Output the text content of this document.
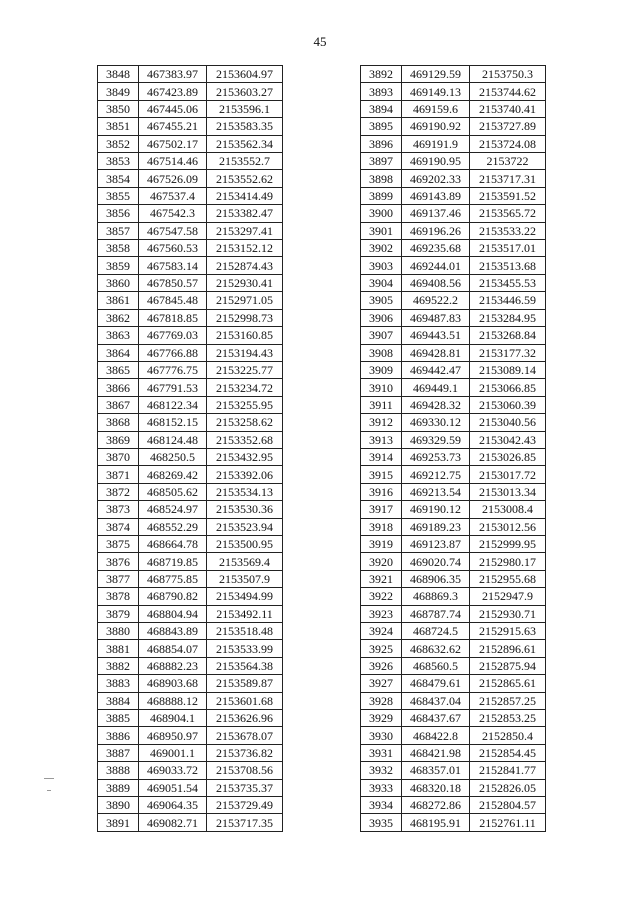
45
3848	467383.97	2153604.97
3849	467423.89	2153603.27
3850	467445.06	2153596.1
3851	467455.21	2153583.35
3852	467502.17	2153562.34
3853	467514.46	2153552.7
3854	467526.09	2153552.62
3855	467537.4	2153414.49
3856	467542.3	2153382.47
3857	467547.58	2153297.41
3858	467560.53	2153152.12
3859	467583.14	2152874.43
3860	467850.57	2152930.41
3861	467845.48	2152971.05
3862	467818.85	2152998.73
3863	467769.03	2153160.85
3864	467766.88	2153194.43
3865	467776.75	2153225.77
3866	467791.53	2153234.72
3867	468122.34	2153255.95
3868	468152.15	2153258.62
3869	468124.48	2153352.68
3870	468250.5	2153432.95
3871	468269.42	2153392.06
3872	468505.62	2153534.13
3873	468524.97	2153530.36
3874	468552.29	2153523.94
3875	468664.78	2153500.95
3876	468719.85	2153569.4
3877	468775.85	2153507.9
3878	468790.82	2153494.99
3879	468804.94	2153492.11
3880	468843.89	2153518.48
3881	468854.07	2153533.99
3882	468882.23	2153564.38
3883	468903.68	2153589.87
3884	468888.12	2153601.68
3885	468904.1	2153626.96
3886	468950.97	2153678.07
3887	469001.1	2153736.82
3888	469033.72	2153708.56
3889	469051.54	2153735.37
3890	469064.35	2153729.49
3891	469082.71	2153717.35
3892	469129.59	2153750.3
3893	469149.13	2153744.62
3894	469159.6	2153740.41
3895	469190.92	2153727.89
3896	469191.9	2153724.08
3897	469190.95	2153722
3898	469202.33	2153717.31
3899	469143.89	2153591.52
3900	469137.46	2153565.72
3901	469196.26	2153533.22
3902	469235.68	2153517.01
3903	469244.01	2153513.68
3904	469408.56	2153455.53
3905	469522.2	2153446.59
3906	469487.83	2153284.95
3907	469443.51	2153268.84
3908	469428.81	2153177.32
3909	469442.47	2153089.14
3910	469449.1	2153066.85
3911	469428.32	2153060.39
3912	469330.12	2153040.56
3913	469329.59	2153042.43
3914	469253.73	2153026.85
3915	469212.75	2153017.72
3916	469213.54	2153013.34
3917	469190.12	2153008.4
3918	469189.23	2153012.56
3919	469123.87	2152999.95
3920	469020.74	2152980.17
3921	468906.35	2152955.68
3922	468869.3	2152947.9
3923	468787.74	2152930.71
3924	468724.5	2152915.63
3925	468632.62	2152896.61
3926	468560.5	2152875.94
3927	468479.61	2152865.61
3928	468437.04	2152857.25
3929	468437.67	2152853.25
3930	468422.8	2152850.4
3931	468421.98	2152854.45
3932	468357.01	2152841.77
3933	468320.18	2152826.05
3934	468272.86	2152804.57
3935	468195.91	2152761.11
